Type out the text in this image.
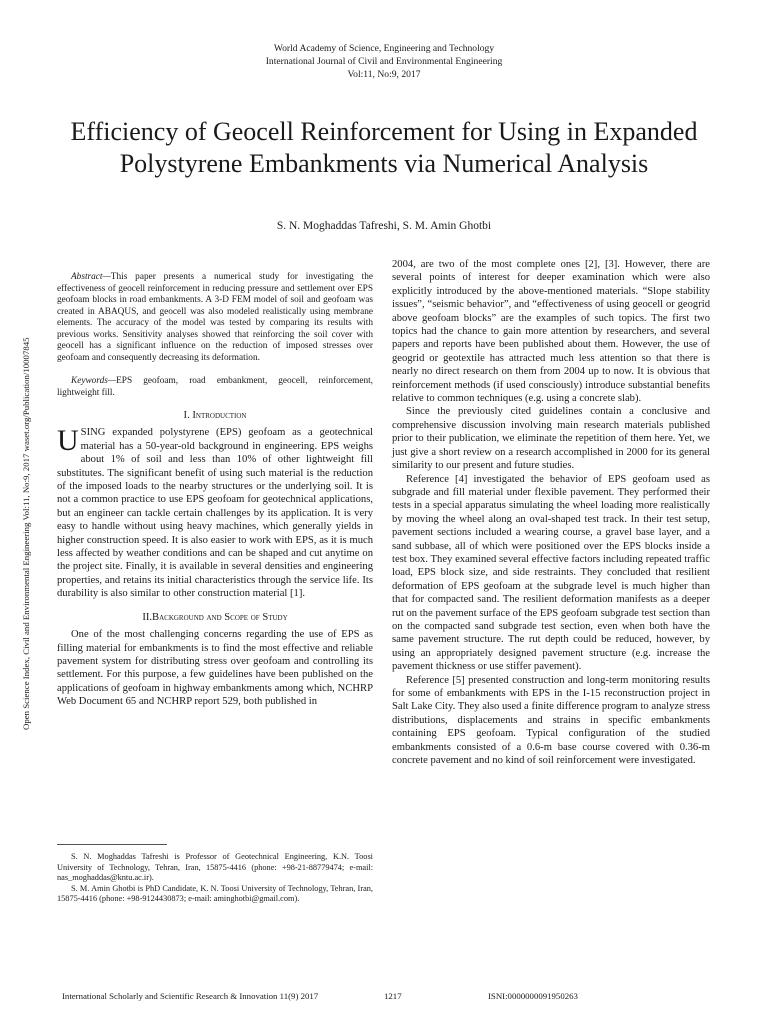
World Academy of Science, Engineering and Technology
International Journal of Civil and Environmental Engineering
Vol:11, No:9, 2017
Efficiency of Geocell Reinforcement for Using in Expanded Polystyrene Embankments via Numerical Analysis
S. N. Moghaddas Tafreshi, S. M. Amin Ghotbi
Open Science Index, Civil and Environmental Engineering Vol:11, No:9, 2017 waset.org/Publication/10007845

Abstract—This paper presents a numerical study for investigating the effectiveness of geocell reinforcement in reducing pressure and settlement over EPS geofoam blocks in road embankments. A 3-D FEM model of soil and geofoam was created in ABAQUS, and geocell was also modeled realistically using membrane elements. The accuracy of the model was tested by comparing its results with previous works. Sensitivity analyses showed that reinforcing the soil cover with geocell has a significant influence on the reduction of imposed stresses over geofoam and consequently decreasing its deformation.

Keywords—EPS geofoam, road embankment, geocell, reinforcement, lightweight fill.

I. Introduction

USING expanded polystyrene (EPS) geofoam as a geotechnical material has a 50-year-old background in engineering. EPS weighs about 1% of soil and less than 10% of other lightweight fill substitutes. The significant benefit of using such material is the reduction of the imposed loads to the nearby structures or the underlying soil. It is not a common practice to use EPS geofoam for geotechnical applications, but an engineer can tackle certain challenges by its application. It is very easy to handle without using heavy machines, which generally yields in higher construction speed. It is also easier to work with EPS, as it is much less affected by weather conditions and can be shaped and cut anytime on the project site. Finally, it is available in several densities and engineering properties, and retains its initial characteristics through the service life. Its durability is also similar to other construction material [1].

II.Background and Scope of Study

One of the most challenging concerns regarding the use of EPS as filling material for embankments is to find the most effective and reliable pavement system for distributing stress over geofoam and controlling its settlement. For this purpose, a few guidelines have been published on the applications of geofoam in highway embankments among which, NCHRP Web Document 65 and NCHRP report 529, both published in

S. N. Moghaddas Tafreshi is Professor of Geotechnical Engineering, K.N. Toosi University of Technology, Tehran, Iran, 15875-4416 (phone: +98-21-88779474; e-mail: nas_moghaddas@kntu.ac.ir).

S. M. Amin Ghotbi is PhD Candidate, K. N. Toosi University of Technology, Tehran, Iran, 15875-4416 (phone: +98-9124430873; e-mail: aminghotbi@gmail.com).

2004, are two of the most complete ones [2], [3]. However, there are several points of interest for deeper examination which were also explicitly introduced by the above-mentioned materials. “Slope stability issues”, “seismic behavior”, and “effectiveness of using geocell or geogrid above geofoam blocks” are the examples of such topics. The first two topics had the chance to gain more attention by researchers, and several papers and reports have been published about them. However, the use of geogrid or geotextile has attracted much less attention so that there is nearly no direct research on them from 2004 up to now. It is obvious that reinforcement methods (if used consciously) introduce substantial benefits relative to common techniques (e.g. using a concrete slab).

Since the previously cited guidelines contain a conclusive and comprehensive discussion involving main research materials published prior to their publication, we eliminate the repetition of them here. Yet, we just give a short review on a research accomplished in 2000 for its general similarity to our present and future studies.

Reference [4] investigated the behavior of EPS geofoam used as subgrade and fill material under flexible pavement. They performed their tests in a special apparatus simulating the wheel loading more realistically by moving the wheel along an oval-shaped test track. In their test setup, pavement sections included a wearing course, a gravel base layer, and a sand subbase, all of which were positioned over the EPS blocks inside a test box. They examined several effective factors including repeated traffic load, EPS block size, and side restraints. They concluded that resilient deformation of EPS geofoam at the subgrade level is much higher than that for compacted sand. The resilient deformation manifests as a deeper rut on the pavement surface of the EPS geofoam subgrade test section than on the compacted sand subgrade test section, even when both have the same pavement structure. The rut depth could be reduced, however, by using an appropriately designed pavement structure (e.g. increase the pavement thickness or use stiffer pavement).

Reference [5] presented construction and long-term monitoring results for some of embankments with EPS in the I-15 reconstruction project in Salt Lake City. They also used a finite difference program to analyze stress distributions, displacements and strains in specific embankments containing EPS geofoam. Typical configuration of the studied embankments consisted of a 0.6-m base course covered with 0.36-m concrete pavement and no kind of soil reinforcement were investigated.

International Scholarly and Scientific Research & Innovation 11(9) 2017	1217	ISNI:0000000091950263
